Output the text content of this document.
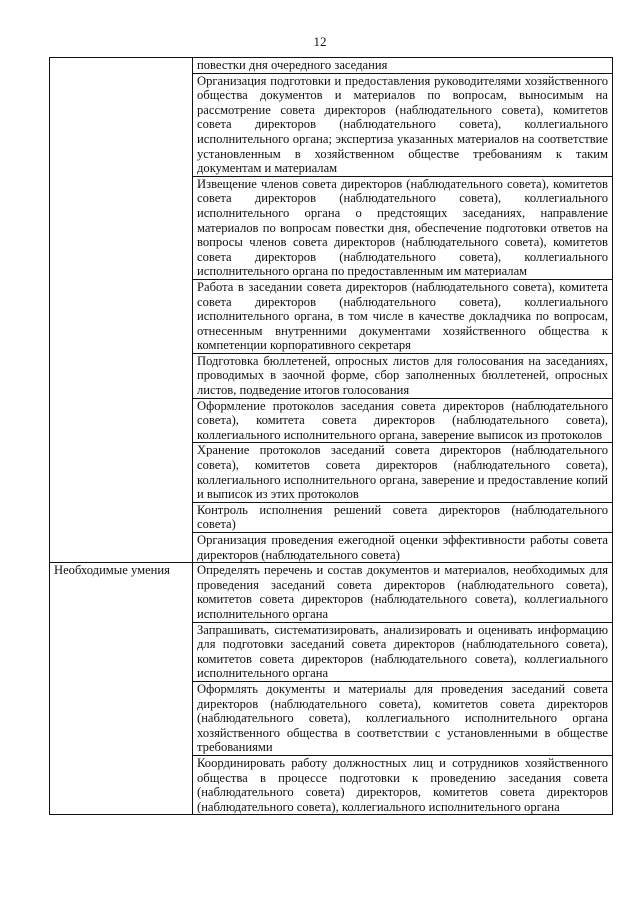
12
	повестки дня очередного заседания
	Организация подготовки и предоставления руководителями хозяйственного общества документов и материалов по вопросам, выносимым на рассмотрение совета директоров (наблюдательного совета), комитетов совета директоров (наблюдательного совета), коллегиального исполнительного органа; экспертиза указанных материалов на соответствие установленным в хозяйственном обществе требованиям к таким документам и материалам
	Извещение членов совета директоров (наблюдательного совета), комитетов совета директоров (наблюдательного совета), коллегиального исполнительного органа о предстоящих заседаниях, направление материалов по вопросам повестки дня, обеспечение подготовки ответов на вопросы членов совета директоров (наблюдательного совета), комитетов совета директоров (наблюдательного совета), коллегиального исполнительного органа по предоставленным им материалам
	Работа в заседании совета директоров (наблюдательного совета), комитета совета директоров (наблюдательного совета), коллегиального исполнительного органа, в том числе в качестве докладчика по вопросам, отнесенным внутренними документами хозяйственного общества к компетенции корпоративного секретаря
	Подготовка бюллетеней, опросных листов для голосования на заседаниях, проводимых в заочной форме, сбор заполненных бюллетеней, опросных листов, подведение итогов голосования
	Оформление протоколов заседания совета директоров (наблюдательного совета), комитета совета директоров (наблюдательного совета), коллегиального исполнительного органа, заверение выписок из протоколов
	Хранение протоколов заседаний совета директоров (наблюдательного совета), комитетов совета директоров (наблюдательного совета), коллегиального исполнительного органа, заверение и предоставление копий и выписок из этих протоколов
	Контроль исполнения решений совета директоров (наблюдательного совета)
	Организация проведения ежегодной оценки эффективности работы совета директоров (наблюдательного совета)

Необходимые умения	Определять перечень и состав документов и материалов, необходимых для проведения заседаний совета директоров (наблюдательного совета), комитетов совета директоров (наблюдательного совета), коллегиального исполнительного органа
	Запрашивать, систематизировать, анализировать и оценивать информацию для подготовки заседаний совета директоров (наблюдательного совета), комитетов совета директоров (наблюдательного совета), коллегиального исполнительного органа
	Оформлять документы и материалы для проведения заседаний совета директоров (наблюдательного совета), комитетов совета директоров (наблюдательного совета), коллегиального исполнительного органа хозяйственного общества в соответствии с установленными в обществе требованиями
	Координировать работу должностных лиц и сотрудников хозяйственного общества в процессе подготовки к проведению заседания совета (наблюдательного совета) директоров, комитетов совета директоров (наблюдательного совета), коллегиального исполнительного органа
